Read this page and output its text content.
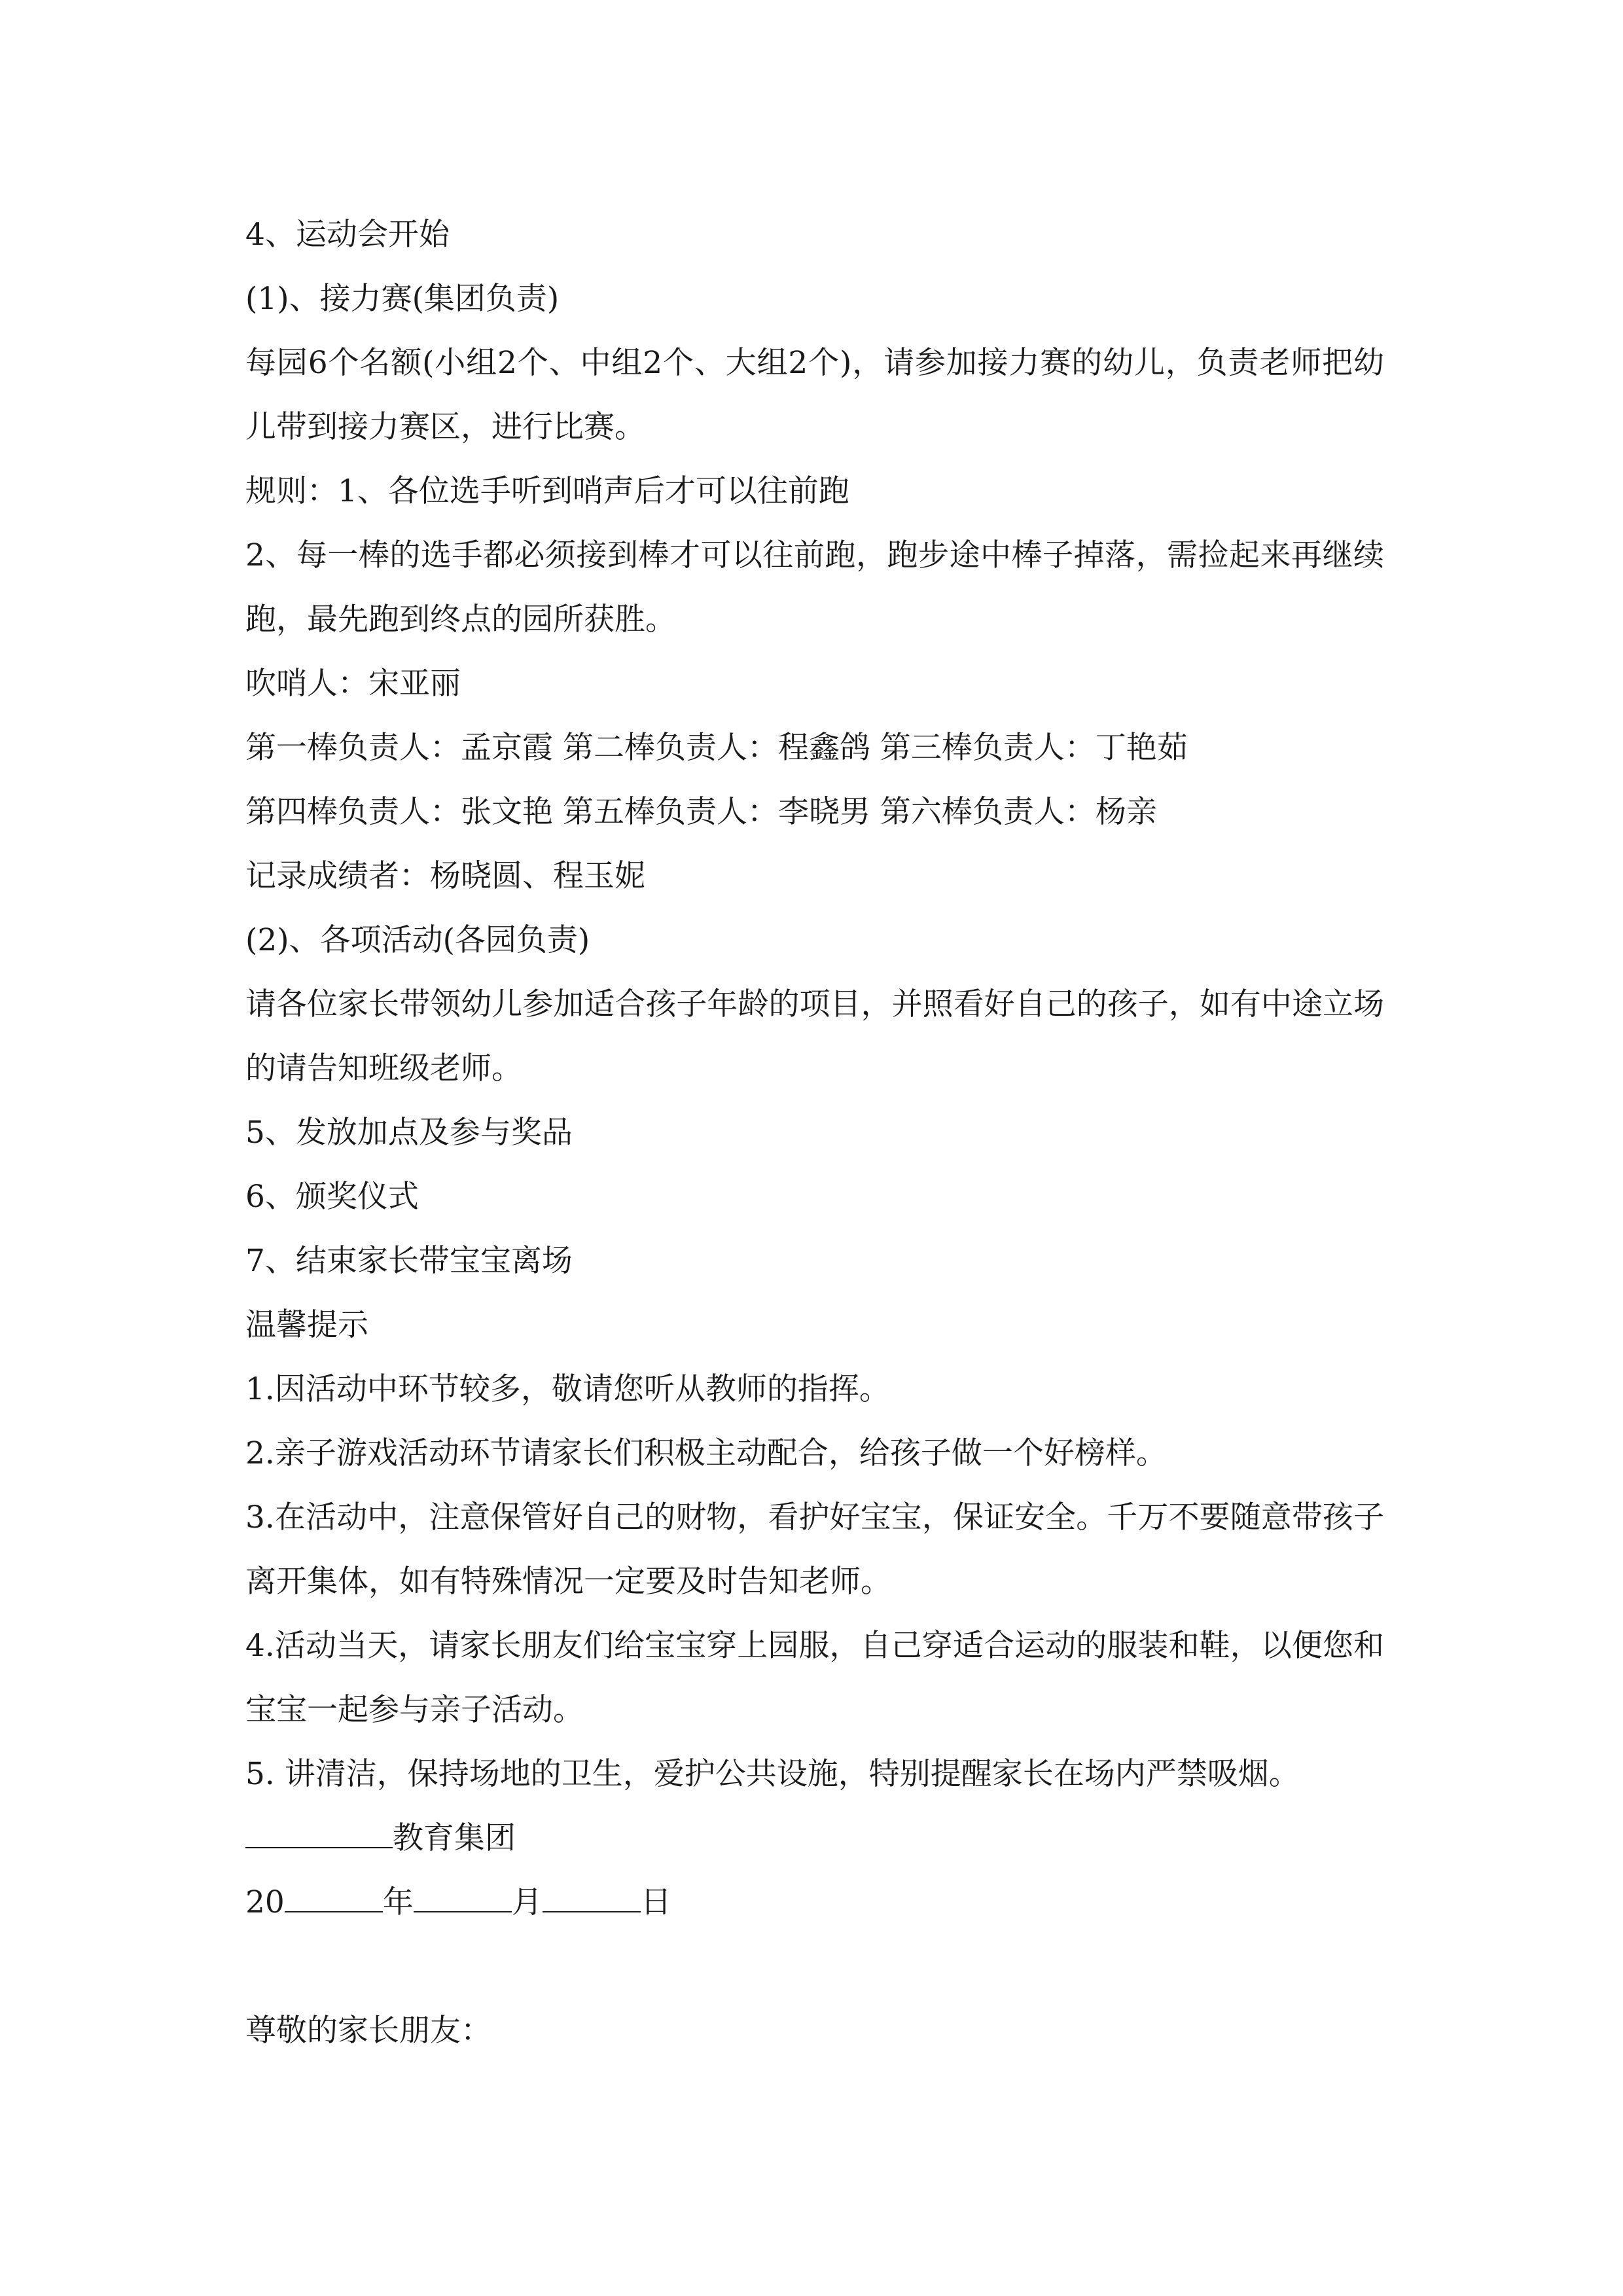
4、运动会开始
(1)、接力赛(集团负责)
每园6个名额(小组2个、中组2个、大组2个)，请参加接力赛的幼儿，负责老师把幼儿带到接力赛区，进行比赛。
规则：1、各位选手听到哨声后才可以往前跑
2、每一棒的选手都必须接到棒才可以往前跑，跑步途中棒子掉落，需捡起来再继续跑，最先跑到终点的园所获胜。
吹哨人：宋亚丽
第一棒负责人：孟京霞 第二棒负责人：程鑫鸽 第三棒负责人：丁艳茹
第四棒负责人：张文艳 第五棒负责人：李晓男 第六棒负责人：杨亲
记录成绩者：杨晓圆、程玉妮
(2)、各项活动(各园负责)
请各位家长带领幼儿参加适合孩子年龄的项目，并照看好自己的孩子，如有中途立场的请告知班级老师。
5、发放加点及参与奖品
6、颁奖仪式
7、结束家长带宝宝离场
温馨提示
1.因活动中环节较多，敬请您听从教师的指挥。
2.亲子游戏活动环节请家长们积极主动配合，给孩子做一个好榜样。
3.在活动中，注意保管好自己的财物，看护好宝宝，保证安全。千万不要随意带孩子离开集体，如有特殊情况一定要及时告知老师。
4.活动当天，请家长朋友们给宝宝穿上园服，自己穿适合运动的服装和鞋，以便您和宝宝一起参与亲子活动。
5. 讲清洁，保持场地的卫生，爱护公共设施，特别提醒家长在场内严禁吸烟。
教育集团
20	年	月	日
尊敬的家长朋友：
